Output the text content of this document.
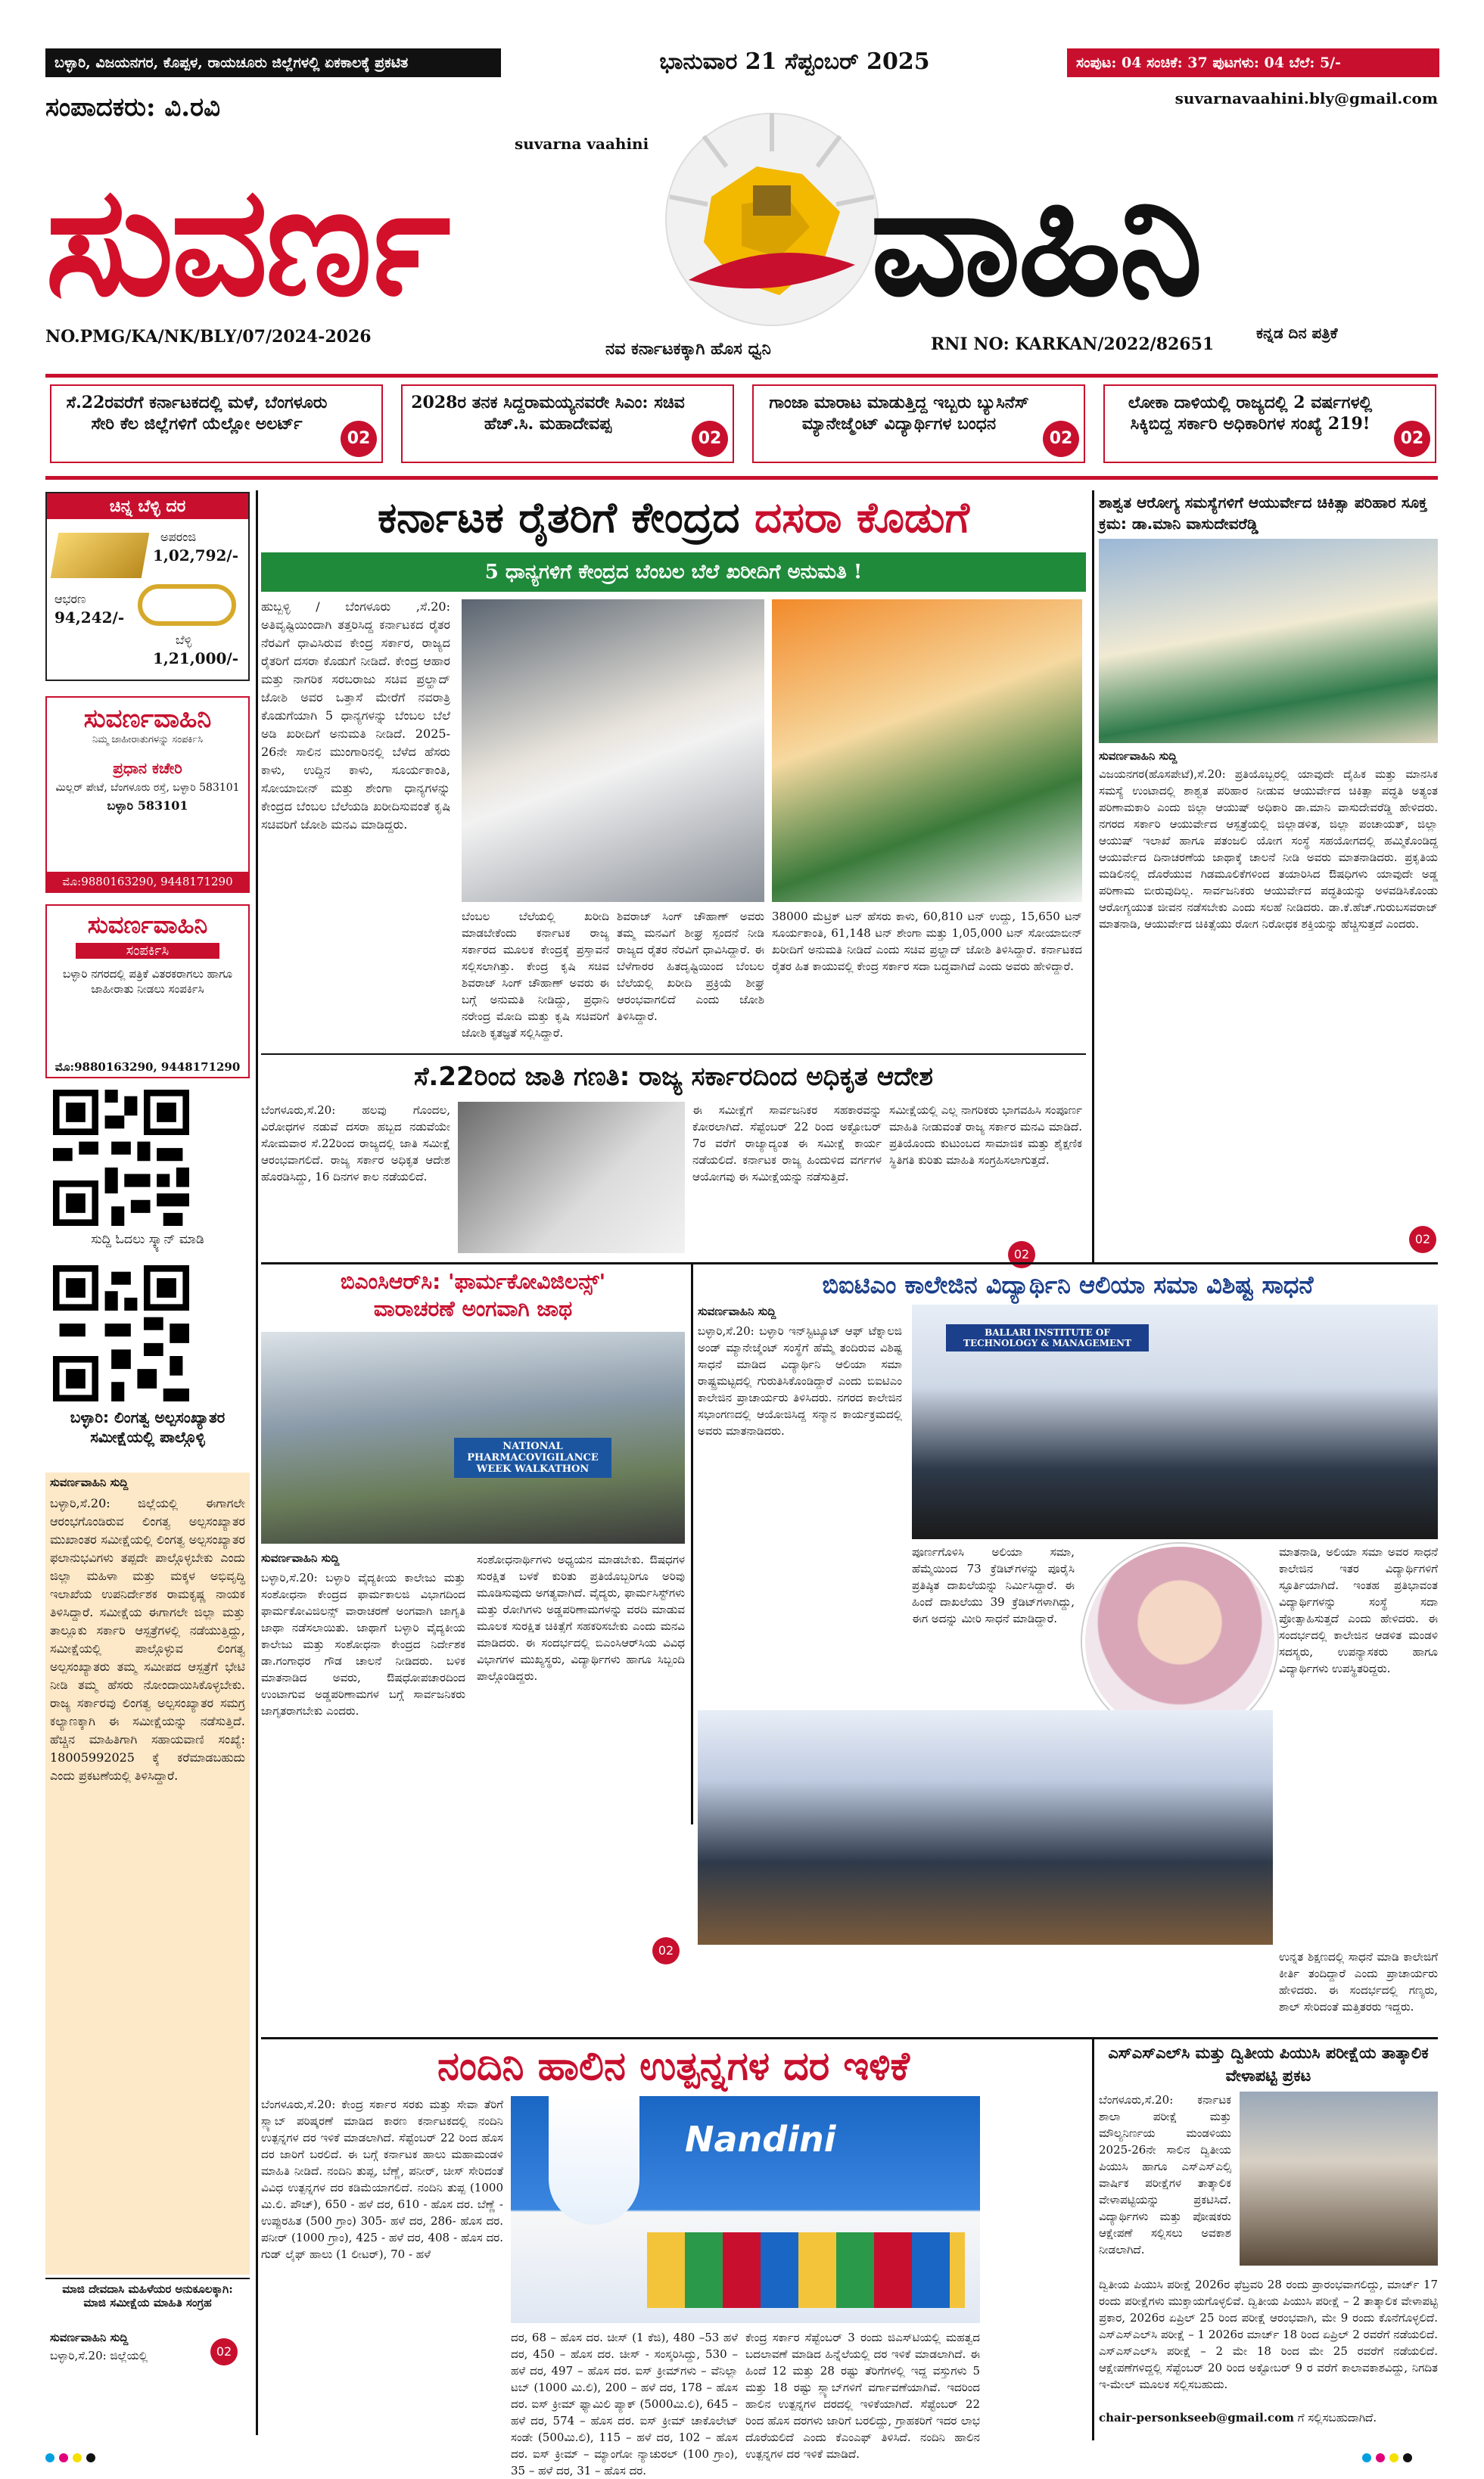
ಬಳ್ಳಾರಿ, ವಿಜಯನಗರ, ಕೊಪ್ಪಳ, ರಾಯಚೂರು ಜಿಲ್ಲೆಗಳಲ್ಲಿ ಏಕಕಾಲಕ್ಕೆ ಪ್ರಕಟಿತ	ಭಾನುವಾರ 21 ಸೆಪ್ಟಂಬರ್ 2025	ಸಂಪುಟ: 04 ಸಂಚಿಕೆ: 37 ಪುಟಗಳು: 04 ಬೆಲೆ: 5/-
ಸಂಪಾದಕರು: ವಿ.ರವಿ	suvarnavaahini.bly@gmail.com
suvarna vaahini
ಸುವರ್ಣ	ವಾಹಿನಿ
NO.PMG/KA/NK/BLY/07/2024-2026
ನವ ಕರ್ನಾಟಕಕ್ಕಾಗಿ ಹೊಸ ಧ್ವನಿ	RNI NO: KARKAN/2022/82651
ಕನ್ನಡ ದಿನ ಪತ್ರಿಕೆ
ಸೆ.22ರವರೆಗೆ ಕರ್ನಾಟಕದಲ್ಲಿ ಮಳೆ, ಬೆಂಗಳೂರು ಸೇರಿ ಕೆಲ ಜಿಲ್ಲೆಗಳಿಗೆ ಯೆಲ್ಲೋ ಅಲರ್ಟ್
02
2028ರ ತನಕ ಸಿದ್ದರಾಮಯ್ಯನವರೇ ಸಿಎಂ: ಸಚಿವ ಹೆಚ್.ಸಿ. ಮಹಾದೇವಪ್ಪ
02
ಗಾಂಜಾ ಮಾರಾಟ ಮಾಡುತ್ತಿದ್ದ ಇಬ್ಬರು ಬ್ಯುಸಿನೆಸ್ ಮ್ಯಾನೇಜ್ಮೆಂಟ್ ವಿದ್ಯಾರ್ಥಿಗಳ ಬಂಧನ
02
ಲೋಕಾ ದಾಳಿಯಲ್ಲಿ ರಾಜ್ಯದಲ್ಲಿ 2 ವರ್ಷಗಳಲ್ಲಿ ಸಿಕ್ಕಿಬಿದ್ದ ಸರ್ಕಾರಿ ಅಧಿಕಾರಿಗಳ ಸಂಖ್ಯೆ 219!
02
ಚಿನ್ನ ಬೆಳ್ಳಿ ದರ
ಅಪರಂಜಿ
1,02,792/-
ಆಭರಣ
94,242/-
ಬೆಳ್ಳಿ
1,21,000/-
ಸುವರ್ಣವಾಹಿನಿ
ನಿಮ್ಮ ಜಾಹೀರಾತುಗಳನ್ನು ಸಂಪರ್ಕಿಸಿ
ಪ್ರಧಾನ ಕಚೇರಿ
ಮಿಲ್ಲರ್ ಪೇಟೆ, ಬೆಂಗಳೂರು ರಸ್ತೆ, ಬಳ್ಳಾರಿ 583101
ಬಳ್ಳಾರಿ 583101
ಮೊ:9880163290, 9448171290
ಸುವರ್ಣವಾಹಿನಿ
ಸಂಪರ್ಕಿಸಿ
ಬಳ್ಳಾರಿ ನಗರದಲ್ಲಿ ಪತ್ರಿಕೆ ವಿತರಕರಾಗಲು ಹಾಗೂ ಜಾಹೀರಾತು ನೀಡಲು ಸಂಪರ್ಕಿಸಿ
ಮೊ:9880163290, 9448171290
ಸುದ್ದಿ ಓದಲು ಸ್ಕ್ಯಾನ್ ಮಾಡಿ
ಬಳ್ಳಾರಿ: ಲಿಂಗತ್ವ ಅಲ್ಪಸಂಖ್ಯಾತರ ಸಮೀಕ್ಷೆಯಲ್ಲಿ ಪಾಲ್ಗೊಳ್ಳಿ
ಸುವರ್ಣವಾಹಿನಿ ಸುದ್ದಿ
ಬಳ್ಳಾರಿ,ಸೆ.20: ಜಿಲ್ಲೆಯಲ್ಲಿ ಈಗಾಗಲೇ ಆರಂಭಗೊಂಡಿರುವ ಲಿಂಗತ್ವ ಅಲ್ಪಸಂಖ್ಯಾತರ ಮುಖಾಂತರ ಸಮೀಕ್ಷೆಯಲ್ಲಿ ಲಿಂಗತ್ವ ಅಲ್ಪಸಂಖ್ಯಾತರ ಫಲಾನುಭವಿಗಳು ತಪ್ಪದೇ ಪಾಲ್ಗೊಳ್ಳಬೇಕು ಎಂದು ಜಿಲ್ಲಾ ಮಹಿಳಾ ಮತ್ತು ಮಕ್ಕಳ ಅಭಿವೃದ್ಧಿ ಇಲಾಖೆಯ ಉಪನಿರ್ದೇಶಕ ರಾಮಕೃಷ್ಣ ನಾಯಕ ತಿಳಿಸಿದ್ದಾರೆ. ಸಮೀಕ್ಷೆಯ ಈಗಾಗಲೇ ಜಿಲ್ಲಾ ಮತ್ತು ತಾಲ್ಲೂಕು ಸರ್ಕಾರಿ ಆಸ್ಪತ್ರೆಗಳಲ್ಲಿ ನಡೆಯುತ್ತಿದ್ದು, ಸಮೀಕ್ಷೆಯಲ್ಲಿ ಪಾಲ್ಗೊಳ್ಳುವ ಲಿಂಗತ್ವ ಅಲ್ಪಸಂಖ್ಯಾತರು ತಮ್ಮ ಸಮೀಪದ ಆಸ್ಪತ್ರೆಗೆ ಭೇಟಿ ನೀಡಿ ತಮ್ಮ ಹೆಸರು ನೋಂದಾಯಿಸಿಕೊಳ್ಳಬೇಕು. ರಾಜ್ಯ ಸರ್ಕಾರವು ಲಿಂಗತ್ವ ಅಲ್ಪಸಂಖ್ಯಾತರ ಸಮಗ್ರ ಕಲ್ಯಾಣಕ್ಕಾಗಿ ಈ ಸಮೀಕ್ಷೆಯನ್ನು ನಡೆಸುತ್ತಿದೆ. ಹೆಚ್ಚಿನ ಮಾಹಿತಿಗಾಗಿ ಸಹಾಯವಾಣಿ ಸಂಖ್ಯೆ: 18005992025 ಕ್ಕೆ ಕರೆಮಾಡಬಹುದು ಎಂದು ಪ್ರಕಟಣೆಯಲ್ಲಿ ತಿಳಿಸಿದ್ದಾರೆ.
ಮಾಜಿ ದೇವದಾಸಿ ಮಹಿಳೆಯರ ಅನುಕೂಲಕ್ಕಾಗಿ: ಮಾಜಿ ಸಮೀಕ್ಷೆಯ ಮಾಹಿತಿ ಸಂಗ್ರಹ
ಸುವರ್ಣವಾಹಿನಿ ಸುದ್ದಿ
ಬಳ್ಳಾರಿ,ಸೆ.20: ಜಿಲ್ಲೆಯಲ್ಲಿ	02
ಕರ್ನಾಟಕ ರೈತರಿಗೆ ಕೇಂದ್ರದ ದಸರಾ ಕೊಡುಗೆ
5 ಧಾನ್ಯಗಳಿಗೆ ಕೇಂದ್ರದ ಬೆಂಬಲ ಬೆಲೆ ಖರೀದಿಗೆ ಅನುಮತಿ !
ಹುಬ್ಬಳ್ಳಿ / ಬೆಂಗಳೂರು ,ಸೆ.20: ಅತಿವೃಷ್ಟಿಯಿಂದಾಗಿ ತತ್ತರಿಸಿದ್ದ ಕರ್ನಾಟಕದ ರೈತರ ನೆರವಿಗೆ ಧಾವಿಸಿರುವ ಕೇಂದ್ರ ಸರ್ಕಾರ, ರಾಜ್ಯದ ರೈತರಿಗೆ ದಸರಾ ಕೊಡುಗೆ ನೀಡಿದೆ. ಕೇಂದ್ರ ಆಹಾರ ಮತ್ತು ನಾಗರಿಕ ಸರಬರಾಜು ಸಚಿವ ಪ್ರಲ್ಹಾದ್ ಜೋಶಿ ಅವರ ಒತ್ತಾಸೆ ಮೇರೆಗೆ ನವರಾತ್ರಿ ಕೊಡುಗೆಯಾಗಿ 5 ಧಾನ್ಯಗಳನ್ನು ಬೆಂಬಲ ಬೆಲೆ ಅಡಿ ಖರೀದಿಗೆ ಅನುಮತಿ ನೀಡಿದೆ. 2025-26ನೇ ಸಾಲಿನ ಮುಂಗಾರಿನಲ್ಲಿ ಬೆಳೆದ ಹೆಸರು ಕಾಳು, ಉದ್ದಿನ ಕಾಳು, ಸೂರ್ಯಕಾಂತಿ, ಸೋಯಾಬೀನ್ ಮತ್ತು ಶೇಂಗಾ ಧಾನ್ಯಗಳನ್ನು ಕೇಂದ್ರದ ಬೆಂಬಲ ಬೆಲೆಯಡಿ ಖರೀದಿಸುವಂತೆ ಕೃಷಿ ಸಚಿವರಿಗೆ ಜೋಶಿ ಮನವಿ ಮಾಡಿದ್ದರು.
ಬೆಂಬಲ ಬೆಲೆಯಲ್ಲಿ ಖರೀದಿ ಮಾಡಬೇಕೆಂದು ಕರ್ನಾಟಕ ರಾಜ್ಯ ಸರ್ಕಾರದ ಮೂಲಕ ಕೇಂದ್ರಕ್ಕೆ ಪ್ರಸ್ತಾವನೆ ಸಲ್ಲಿಸಲಾಗಿತ್ತು. ಕೇಂದ್ರ ಕೃಷಿ ಸಚಿವ ಶಿವರಾಜ್ ಸಿಂಗ್ ಚೌಹಾಣ್ ಅವರು ಈ ಬಗ್ಗೆ ಅನುಮತಿ ನೀಡಿದ್ದು, ಪ್ರಧಾನಿ ನರೇಂದ್ರ ಮೋದಿ ಮತ್ತು ಕೃಷಿ ಸಚಿವರಿಗೆ ಜೋಶಿ ಕೃತಜ್ಞತೆ ಸಲ್ಲಿಸಿದ್ದಾರೆ.
ಶಿವರಾಜ್ ಸಿಂಗ್ ಚೌಹಾಣ್ ಅವರು ತಮ್ಮ ಮನವಿಗೆ ಶೀಘ್ರ ಸ್ಪಂದನೆ ನೀಡಿ ರಾಜ್ಯದ ರೈತರ ನೆರವಿಗೆ ಧಾವಿಸಿದ್ದಾರೆ. ಈ ಬೆಳೆಗಾರರ ಹಿತದೃಷ್ಟಿಯಿಂದ ಬೆಂಬಲ ಬೆಲೆಯಲ್ಲಿ ಖರೀದಿ ಪ್ರಕ್ರಿಯೆ ಶೀಘ್ರ ಆರಂಭವಾಗಲಿದೆ ಎಂದು ಜೋಶಿ ತಿಳಿಸಿದ್ದಾರೆ.
38000 ಮೆಟ್ರಿಕ್ ಟನ್ ಹೆಸರು ಕಾಳು, 60,810 ಟನ್ ಉದ್ದು, 15,650 ಟನ್ ಸೂರ್ಯಕಾಂತಿ, 61,148 ಟನ್ ಶೇಂಗಾ ಮತ್ತು 1,05,000 ಟನ್ ಸೋಯಾಬೀನ್ ಖರೀದಿಗೆ ಅನುಮತಿ ನೀಡಿದೆ ಎಂದು ಸಚಿವ ಪ್ರಲ್ಹಾದ್ ಜೋಶಿ ತಿಳಿಸಿದ್ದಾರೆ. ಕರ್ನಾಟಕದ ರೈತರ ಹಿತ ಕಾಯುವಲ್ಲಿ ಕೇಂದ್ರ ಸರ್ಕಾರ ಸದಾ ಬದ್ಧವಾಗಿದೆ ಎಂದು ಅವರು ಹೇಳಿದ್ದಾರೆ.
ಸೆ.22ರಿಂದ ಜಾತಿ ಗಣತಿ: ರಾಜ್ಯ ಸರ್ಕಾರದಿಂದ ಅಧಿಕೃತ ಆದೇಶ
ಬೆಂಗಳೂರು,ಸೆ.20: ಹಲವು ಗೊಂದಲ, ವಿರೋಧಗಳ ನಡುವೆ ದಸರಾ ಹಬ್ಬದ ನಡುವೆಯೇ ಸೋಮವಾರ ಸೆ.22ರಿಂದ ರಾಜ್ಯದಲ್ಲಿ ಜಾತಿ ಸಮೀಕ್ಷೆ ಆರಂಭವಾಗಲಿದೆ. ರಾಜ್ಯ ಸರ್ಕಾರ ಅಧಿಕೃತ ಆದೇಶ ಹೊರಡಿಸಿದ್ದು, 16 ದಿನಗಳ ಕಾಲ ನಡೆಯಲಿದೆ.
ಈ ಸಮೀಕ್ಷೆಗೆ ಸಾರ್ವಜನಿಕರ ಸಹಕಾರವನ್ನು ಕೋರಲಾಗಿದೆ. ಸೆಪ್ಟೆಂಬರ್ 22 ರಿಂದ ಅಕ್ಟೋಬರ್ 7ರ ವರೆಗೆ ರಾಜ್ಯಾದ್ಯಂತ ಈ ಸಮೀಕ್ಷೆ ಕಾರ್ಯ ನಡೆಯಲಿದೆ. ಕರ್ನಾಟಕ ರಾಜ್ಯ ಹಿಂದುಳಿದ ವರ್ಗಗಳ ಆಯೋಗವು ಈ ಸಮೀಕ್ಷೆಯನ್ನು ನಡೆಸುತ್ತಿದೆ.
ಸಮೀಕ್ಷೆಯಲ್ಲಿ ಎಲ್ಲ ನಾಗರಿಕರು ಭಾಗವಹಿಸಿ ಸಂಪೂರ್ಣ ಮಾಹಿತಿ ನೀಡುವಂತೆ ರಾಜ್ಯ ಸರ್ಕಾರ ಮನವಿ ಮಾಡಿದೆ. ಪ್ರತಿಯೊಂದು ಕುಟುಂಬದ ಸಾಮಾಜಿಕ ಮತ್ತು ಶೈಕ್ಷಣಿಕ ಸ್ಥಿತಿಗತಿ ಕುರಿತು ಮಾಹಿತಿ ಸಂಗ್ರಹಿಸಲಾಗುತ್ತದೆ.
02
ಶಾಶ್ವತ ಆರೋಗ್ಯ ಸಮಸ್ಯೆಗಳಿಗೆ ಆಯುರ್ವೇದ ಚಿಕಿತ್ಸಾ ಪರಿಹಾರ ಸೂಕ್ತ ಕ್ರಮ: ಡಾ.ಮಾನಿ ವಾಸುದೇವರೆಡ್ಡಿ
ಸುವರ್ಣವಾಹಿನಿ ಸುದ್ದಿ
ವಿಜಯನಗರ(ಹೊಸಪೇಟೆ),ಸೆ.20: ಪ್ರತಿಯೊಬ್ಬರಲ್ಲಿ ಯಾವುದೇ ದೈಹಿಕ ಮತ್ತು ಮಾನಸಿಕ ಸಮಸ್ಯೆ ಉಂಟಾದಲ್ಲಿ ಶಾಶ್ವತ ಪರಿಹಾರ ನೀಡುವ ಆಯುರ್ವೇದ ಚಿಕಿತ್ಸಾ ಪದ್ಧತಿ ಅತ್ಯಂತ ಪರಿಣಾಮಕಾರಿ ಎಂದು ಜಿಲ್ಲಾ ಆಯುಷ್ ಅಧಿಕಾರಿ ಡಾ.ಮಾನಿ ವಾಸುದೇವರೆಡ್ಡಿ ಹೇಳಿದರು. ನಗರದ ಸರ್ಕಾರಿ ಆಯುರ್ವೇದ ಆಸ್ಪತ್ರೆಯಲ್ಲಿ ಜಿಲ್ಲಾಡಳಿತ, ಜಿಲ್ಲಾ ಪಂಚಾಯತ್, ಜಿಲ್ಲಾ ಆಯುಷ್ ಇಲಾಖೆ ಹಾಗೂ ಪತಂಜಲಿ ಯೋಗ ಸಂಸ್ಥೆ ಸಹಯೋಗದಲ್ಲಿ ಹಮ್ಮಿಕೊಂಡಿದ್ದ ಆಯುರ್ವೇದ ದಿನಾಚರಣೆಯ ಜಾಥಾಕ್ಕೆ ಚಾಲನೆ ನೀಡಿ ಅವರು ಮಾತನಾಡಿದರು. ಪ್ರಕೃತಿಯ ಮಡಿಲಿನಲ್ಲಿ ದೊರೆಯುವ ಗಿಡಮೂಲಿಕೆಗಳಿಂದ ತಯಾರಿಸಿದ ಔಷಧಿಗಳು ಯಾವುದೇ ಅಡ್ಡ ಪರಿಣಾಮ ಬೀರುವುದಿಲ್ಲ. ಸಾರ್ವಜನಿಕರು ಆಯುರ್ವೇದ ಪದ್ಧತಿಯನ್ನು ಅಳವಡಿಸಿಕೊಂಡು ಆರೋಗ್ಯಯುತ ಜೀವನ ನಡೆಸಬೇಕು ಎಂದು ಸಲಹೆ ನೀಡಿದರು. ಡಾ.ಕೆ.ಹೆಚ್.ಗುರುಬಸವರಾಜ್ ಮಾತನಾಡಿ, ಆಯುರ್ವೇದ ಚಿಕಿತ್ಸೆಯು ರೋಗ ನಿರೋಧಕ ಶಕ್ತಿಯನ್ನು ಹೆಚ್ಚಿಸುತ್ತದೆ ಎಂದರು.
02
ಬಿಎಂಸಿಆರ್‌ಸಿ: 'ಫಾರ್ಮಕೋವಿಜಿಲನ್ಸ್'
ವಾರಾಚರಣೆ ಅಂಗವಾಗಿ ಜಾಥ
NATIONAL PHARMACOVIGILANCE WEEK WALKATHON
ಸುವರ್ಣವಾಹಿನಿ ಸುದ್ದಿ
ಬಳ್ಳಾರಿ,ಸೆ.20: ಬಳ್ಳಾರಿ ವೈದ್ಯಕೀಯ ಕಾಲೇಜು ಮತ್ತು ಸಂಶೋಧನಾ ಕೇಂದ್ರದ ಫಾರ್ಮಕಾಲಜಿ ವಿಭಾಗದಿಂದ ಫಾರ್ಮಕೋವಿಜಿಲನ್ಸ್ ವಾರಾಚರಣೆ ಅಂಗವಾಗಿ ಜಾಗೃತಿ ಜಾಥಾ ನಡೆಸಲಾಯಿತು. ಜಾಥಾಗೆ ಬಳ್ಳಾರಿ ವೈದ್ಯಕೀಯ ಕಾಲೇಜು ಮತ್ತು ಸಂಶೋಧನಾ ಕೇಂದ್ರದ ನಿರ್ದೇಶಕ ಡಾ.ಗಂಗಾಧರ ಗೌಡ ಚಾಲನೆ ನೀಡಿದರು. ಬಳಿಕ ಮಾತನಾಡಿದ ಅವರು, ಔಷಧೋಪಚಾರದಿಂದ ಉಂಟಾಗುವ ಅಡ್ಡಪರಿಣಾಮಗಳ ಬಗ್ಗೆ ಸಾರ್ವಜನಿಕರು ಜಾಗೃತರಾಗಬೇಕು ಎಂದರು.
ಸಂಶೋಧನಾರ್ಥಿಗಳು ಅಧ್ಯಯನ ಮಾಡಬೇಕು. ಔಷಧಗಳ ಸುರಕ್ಷಿತ ಬಳಕೆ ಕುರಿತು ಪ್ರತಿಯೊಬ್ಬರಿಗೂ ಅರಿವು ಮೂಡಿಸುವುದು ಅಗತ್ಯವಾಗಿದೆ. ವೈದ್ಯರು, ಫಾರ್ಮಸಿಸ್ಟ್‌ಗಳು ಮತ್ತು ರೋಗಿಗಳು ಅಡ್ಡಪರಿಣಾಮಗಳನ್ನು ವರದಿ ಮಾಡುವ ಮೂಲಕ ಸುರಕ್ಷಿತ ಚಿಕಿತ್ಸೆಗೆ ಸಹಕರಿಸಬೇಕು ಎಂದು ಮನವಿ ಮಾಡಿದರು. ಈ ಸಂದರ್ಭದಲ್ಲಿ ಬಿಎಂಸಿಆರ್‌ಸಿಯ ವಿವಿಧ ವಿಭಾಗಗಳ ಮುಖ್ಯಸ್ಥರು, ವಿದ್ಯಾರ್ಥಿಗಳು ಹಾಗೂ ಸಿಬ್ಬಂದಿ ಪಾಲ್ಗೊಂಡಿದ್ದರು.
02
ಬಿಐಟಿಎಂ ಕಾಲೇಜಿನ ವಿದ್ಯಾರ್ಥಿನಿ ಆಲಿಯಾ ಸಮಾ ವಿಶಿಷ್ಟ ಸಾಧನೆ
ಸುವರ್ಣವಾಹಿನಿ ಸುದ್ದಿ
ಬಳ್ಳಾರಿ,ಸೆ.20: ಬಳ್ಳಾರಿ ಇನ್‌ಸ್ಟಿಟ್ಯೂಟ್ ಆಫ್ ಟೆಕ್ನಾಲಜಿ ಅಂಡ್ ಮ್ಯಾನೇಜ್ಮೆಂಟ್ ಸಂಸ್ಥೆಗೆ ಹೆಮ್ಮೆ ತಂದಿರುವ ವಿಶಿಷ್ಟ ಸಾಧನೆ ಮಾಡಿದ ವಿದ್ಯಾರ್ಥಿನಿ ಆಲಿಯಾ ಸಮಾ ರಾಷ್ಟ್ರಮಟ್ಟದಲ್ಲಿ ಗುರುತಿಸಿಕೊಂಡಿದ್ದಾರೆ ಎಂದು ಬಿಐಟಿಎಂ ಕಾಲೇಜಿನ ಪ್ರಾಚಾರ್ಯರು ತಿಳಿಸಿದರು. ನಗರದ ಕಾಲೇಜಿನ ಸಭಾಂಗಣದಲ್ಲಿ ಆಯೋಜಿಸಿದ್ದ ಸನ್ಮಾನ ಕಾರ್ಯಕ್ರಮದಲ್ಲಿ ಅವರು ಮಾತನಾಡಿದರು.
BALLARI INSTITUTE OF TECHNOLOGY & MANAGEMENT
ಪೂರ್ಣಗೊಳಿಸಿ ಅಲಿಯಾ ಸಮಾ, ಹೆಮ್ಮೆಯಿಂದ 73 ಕ್ರೆಡಿಟ್‌ಗಳನ್ನು ಪೂರೈಸಿ ಪ್ರತಿಷ್ಠಿತ ದಾಖಲೆಯನ್ನು ನಿರ್ಮಿಸಿದ್ದಾರೆ. ಈ ಹಿಂದೆ ದಾಖಲೆಯು 39 ಕ್ರೆಡಿಟ್‌ಗಳಾಗಿದ್ದು, ಈಗ ಅದನ್ನು ಮೀರಿ ಸಾಧನೆ ಮಾಡಿದ್ದಾರೆ.
ಮಾತನಾಡಿ, ಅಲಿಯಾ ಸಮಾ ಅವರ ಸಾಧನೆ ಕಾಲೇಜಿನ ಇತರ ವಿದ್ಯಾರ್ಥಿಗಳಿಗೆ ಸ್ಫೂರ್ತಿಯಾಗಿದೆ. ಇಂತಹ ಪ್ರತಿಭಾವಂತ ವಿದ್ಯಾರ್ಥಿಗಳನ್ನು ಸಂಸ್ಥೆ ಸದಾ ಪ್ರೋತ್ಸಾಹಿಸುತ್ತದೆ ಎಂದು ಹೇಳಿದರು. ಈ ಸಂದರ್ಭದಲ್ಲಿ ಕಾಲೇಜಿನ ಆಡಳಿತ ಮಂಡಳಿ ಸದಸ್ಯರು, ಉಪನ್ಯಾಸಕರು ಹಾಗೂ ವಿದ್ಯಾರ್ಥಿಗಳು ಉಪಸ್ಥಿತರಿದ್ದರು.
ಉನ್ನತ ಶಿಕ್ಷಣದಲ್ಲಿ ಸಾಧನೆ ಮಾಡಿ ಕಾಲೇಜಿಗೆ ಕೀರ್ತಿ ತಂದಿದ್ದಾರೆ ಎಂದು ಪ್ರಾಚಾರ್ಯರು ಹೇಳಿದರು. ಈ ಸಂದರ್ಭದಲ್ಲಿ ಗಣ್ಯರು, ಶಾಲ್ ಸೇರಿದಂತೆ ಮತ್ತಿತರರು ಇದ್ದರು.
ನಂದಿನಿ ಹಾಲಿನ ಉತ್ಪನ್ನಗಳ ದರ ಇಳಿಕೆ
ಬೆಂಗಳೂರು,ಸೆ.20: ಕೇಂದ್ರ ಸರ್ಕಾರ ಸರಕು ಮತ್ತು ಸೇವಾ ತೆರಿಗೆ ಸ್ಲ್ಯಾಬ್ ಪರಿಷ್ಕರಣೆ ಮಾಡಿದ ಕಾರಣ ಕರ್ನಾಟಕದಲ್ಲಿ ನಂದಿನಿ ಉತ್ಪನ್ನಗಳ ದರ ಇಳಿಕೆ ಮಾಡಲಾಗಿದೆ. ಸೆಪ್ಟೆಂಬರ್ 22 ರಿಂದ ಹೊಸ ದರ ಜಾರಿಗೆ ಬರಲಿದೆ. ಈ ಬಗ್ಗೆ ಕರ್ನಾಟಕ ಹಾಲು ಮಹಾಮಂಡಳಿ ಮಾಹಿತಿ ನೀಡಿದೆ. ನಂದಿನಿ ತುಪ್ಪ, ಬೆಣ್ಣೆ, ಪನೀರ್, ಚೀಸ್ ಸೇರಿದಂತೆ ವಿವಿಧ ಉತ್ಪನ್ನಗಳ ದರ ಕಡಿಮೆಯಾಗಲಿದೆ. ನಂದಿನಿ ತುಪ್ಪ (1000 ಮಿ.ಲಿ. ಪೌಚ್), 650 - ಹಳೆ ದರ, 610 - ಹೊಸ ದರ. ಬೆಣ್ಣೆ - ಉಪ್ಪುರಹಿತ (500 ಗ್ರಾಂ) 305- ಹಳೆ ದರ, 286- ಹೊಸ ದರ. ಪನೀರ್ (1000 ಗ್ರಾಂ), 425 - ಹಳೆ ದರ, 408 - ಹೊಸ ದರ. ಗುಡ್ ಲೈಫ್ ಹಾಲು (1 ಲೀಟರ್), 70 - ಹಳೆ
Nandini
ದರ, 68 – ಹೊಸ ದರ. ಚೀಸ್ (1 ಕೆಜಿ), 480 –53 ಹಳೆ ದರ, 450 – ಹೊಸ ದರ. ಚೀಸ್ - ಸಂಸ್ಕರಿಸಿದ್ದು, 530 – ಹಳೆ ದರ, 497 – ಹೊಸ ದರ. ಐಸ್ ಕ್ರೀಮ್‌ಗಳು – ವೆನಿಲ್ಲಾ ಟಬ್ (1000 ಮಿ.ಲಿ), 200 – ಹಳೆ ದರ, 178 – ಹೊಸ ದರ. ಐಸ್ ಕ್ರೀಮ್ ಫ್ಯಾಮಿಲಿ ಪ್ಯಾಕ್ (5000ಮಿ.ಲಿ), 645 – ಹಳೆ ದರ, 574 – ಹೊಸ ದರ. ಐಸ್ ಕ್ರೀಮ್ ಚಾಕೊಲೇಟ್ ಸಂಡೇ (500ಮಿ.ಲಿ), 115 – ಹಳೆ ದರ, 102 – ಹೊಸ ದರ. ಐಸ್ ಕ್ರೀಮ್ – ಮ್ಯಾಂಗೋ ನ್ಯಾಚುರಲ್ (100 ಗ್ರಾಂ), 35 – ಹಳೆ ದರ, 31 – ಹೊಸ ದರ.
ಕೇಂದ್ರ ಸರ್ಕಾರ ಸೆಪ್ಟೆಂಬರ್ 3 ರಂದು ಜಿಎಸ್‌ಟಿಯಲ್ಲಿ ಮಹತ್ವದ ಬದಲಾವಣೆ ಮಾಡಿದ ಹಿನ್ನೆಲೆಯಲ್ಲಿ ದರ ಇಳಿಕೆ ಮಾಡಲಾಗಿದೆ. ಈ ಹಿಂದೆ 12 ಮತ್ತು 28 ರಷ್ಟು ತೆರಿಗೆಗಳಲ್ಲಿ ಇದ್ದ ವಸ್ತುಗಳು 5 ಮತ್ತು 18 ರಷ್ಟು ಸ್ಲ್ಯಾಬ್‌ಗಳಿಗೆ ವರ್ಗಾವಣೆಯಾಗಿವೆ. ಇದರಿಂದ ಹಾಲಿನ ಉತ್ಪನ್ನಗಳ ದರದಲ್ಲಿ ಇಳಿಕೆಯಾಗಿದೆ. ಸೆಪ್ಟೆಂಬರ್ 22 ರಿಂದ ಹೊಸ ದರಗಳು ಜಾರಿಗೆ ಬರಲಿದ್ದು, ಗ್ರಾಹಕರಿಗೆ ಇದರ ಲಾಭ ದೊರೆಯಲಿದೆ ಎಂದು ಕೆಎಂಎಫ್ ತಿಳಿಸಿದೆ. ನಂದಿನಿ ಹಾಲಿನ ಉತ್ಪನ್ನಗಳ ದರ ಇಳಿಕೆ ಮಾಡಿದೆ.
ಎಸ್‌ಎಸ್‌ಎಲ್‌ಸಿ ಮತ್ತು ದ್ವಿತೀಯ ಪಿಯುಸಿ ಪರೀಕ್ಷೆಯ ತಾತ್ಕಾಲಿಕ ವೇಳಾಪಟ್ಟಿ ಪ್ರಕಟ
ಬೆಂಗಳೂರು,ಸೆ.20: ಕರ್ನಾಟಕ ಶಾಲಾ ಪರೀಕ್ಷೆ ಮತ್ತು ಮೌಲ್ಯನಿರ್ಣಯ ಮಂಡಳಿಯು 2025-26ನೇ ಸಾಲಿನ ದ್ವಿತೀಯ ಪಿಯುಸಿ ಹಾಗೂ ಎಸ್ಎಸ್ಎಲ್ಸಿ ವಾರ್ಷಿಕ ಪರೀಕ್ಷೆಗಳ ತಾತ್ಕಾಲಿಕ ವೇಳಾಪಟ್ಟಿಯನ್ನು ಪ್ರಕಟಿಸಿದೆ. ವಿದ್ಯಾರ್ಥಿಗಳು ಮತ್ತು ಪೋಷಕರು ಆಕ್ಷೇಪಣೆ ಸಲ್ಲಿಸಲು ಅವಕಾಶ ನೀಡಲಾಗಿದೆ.
ದ್ವಿತೀಯ ಪಿಯುಸಿ ಪರೀಕ್ಷೆ 2026ರ ಫೆಬ್ರವರಿ 28 ರಂದು ಪ್ರಾರಂಭವಾಗಲಿದ್ದು, ಮಾರ್ಚ್ 17 ರಂದು ಪರೀಕ್ಷೆಗಳು ಮುಕ್ತಾಯಗೊಳ್ಳಲಿವೆ. ದ್ವಿತೀಯ ಪಿಯುಸಿ ಪರೀಕ್ಷೆ – 2 ತಾತ್ಕಾಲಿಕ ವೇಳಾಪಟ್ಟಿ ಪ್ರಕಾರ, 2026ರ ಏಪ್ರಿಲ್ 25 ರಿಂದ ಪರೀಕ್ಷೆ ಆರಂಭವಾಗಿ, ಮೇ 9 ರಂದು ಕೊನೆಗೊಳ್ಳಲಿದೆ. ಎಸ್‌ಎಸ್‌ಎಲ್‌ಸಿ ಪರೀಕ್ಷೆ – 1 2026ರ ಮಾರ್ಚ್ 18 ರಿಂದ ಏಪ್ರಿಲ್ 2 ರವರೆಗೆ ನಡೆಯಲಿದೆ. ಎಸ್‌ಎಸ್‌ಎಲ್‌ಸಿ ಪರೀಕ್ಷೆ – 2 ಮೇ 18 ರಿಂದ ಮೇ 25 ರವರೆಗೆ ನಡೆಯಲಿದೆ. ಆಕ್ಷೇಪಣೆಗಳಿದ್ದಲ್ಲಿ ಸೆಪ್ಟೆಂಬರ್ 20 ರಿಂದ ಅಕ್ಟೋಬರ್ 9 ರ ವರೆಗೆ ಕಾಲಾವಕಾಶವಿದ್ದು, ನಿಗದಿತ ಇ-ಮೇಲ್ ಮೂಲಕ ಸಲ್ಲಿಸಬಹುದು.
chair-personkseeb@gmail.com ಗೆ ಸಲ್ಲಿಸಬಹುದಾಗಿದೆ.
